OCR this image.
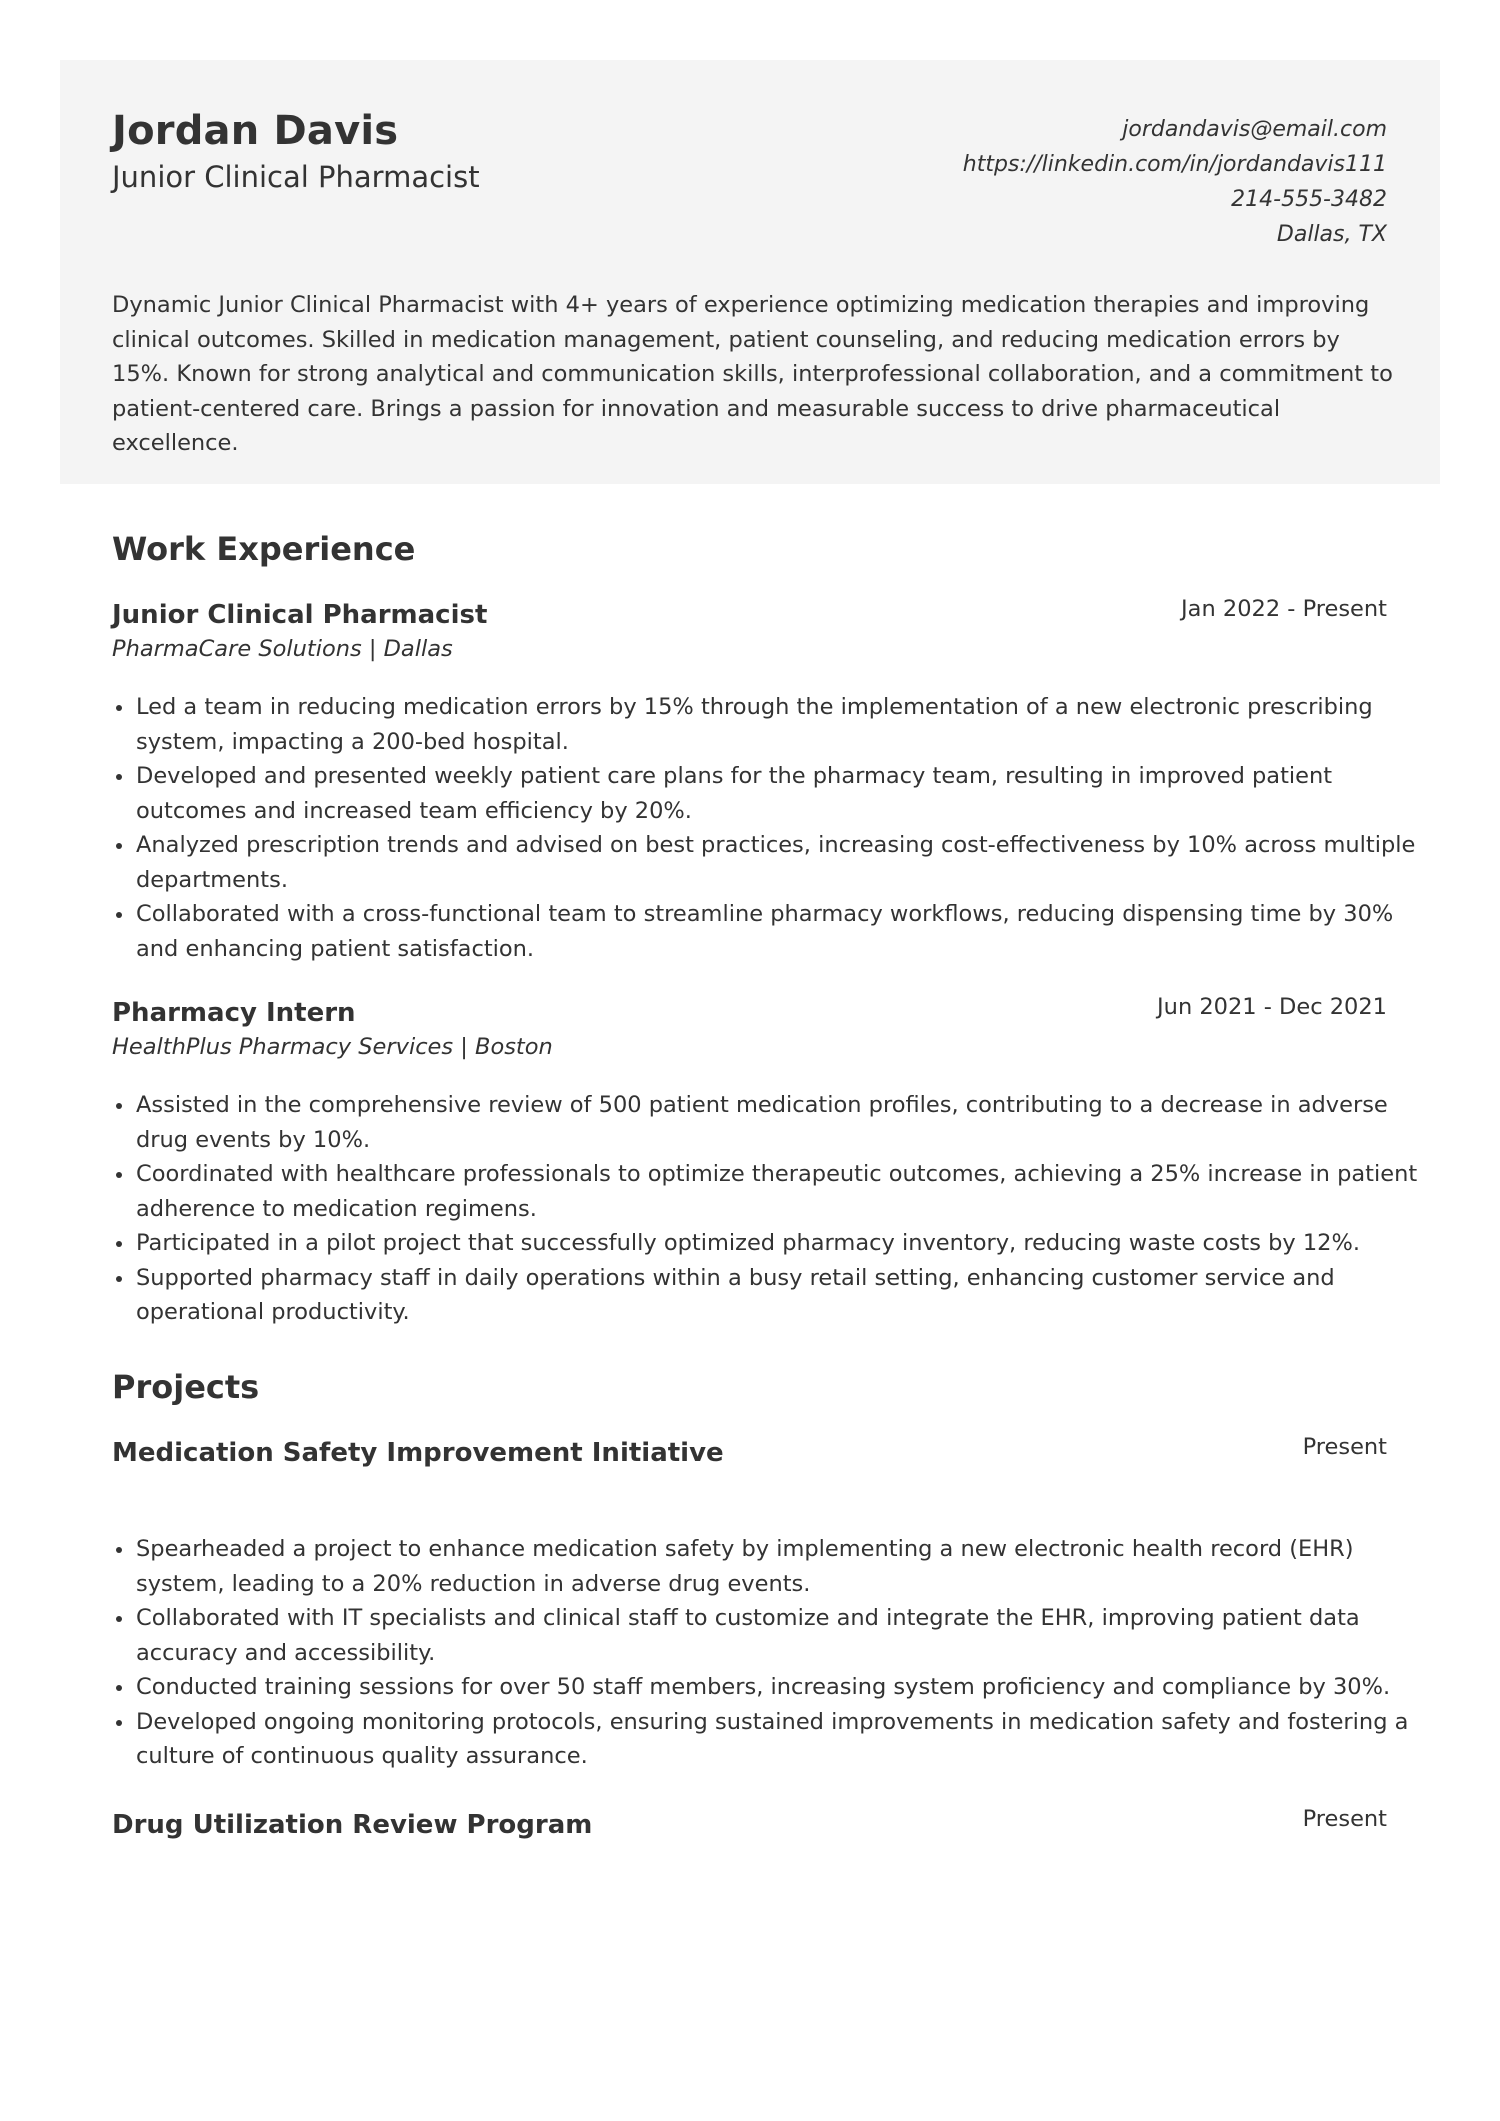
Jordan Davis
Junior Clinical Pharmacist
jordandavis@email.com
https://linkedin.com/in/jordandavis111
214-555-3482
Dallas, TX
Dynamic Junior Clinical Pharmacist with 4+ years of experience optimizing medication therapies and improving clinical outcomes. Skilled in medication management, patient counseling, and reducing medication errors by 15%. Known for strong analytical and communication skills, interprofessional collaboration, and a commitment to patient-centered care. Brings a passion for innovation and measurable success to drive pharmaceutical excellence.
Work Experience
Junior Clinical Pharmacist
PharmaCare Solutions | Dallas
Jan 2022 - Present
Led a team in reducing medication errors by 15% through the implementation of a new electronic prescribing system, impacting a 200-bed hospital.
Developed and presented weekly patient care plans for the pharmacy team, resulting in improved patient outcomes and increased team efficiency by 20%.
Analyzed prescription trends and advised on best practices, increasing cost-effectiveness by 10% across multiple departments.
Collaborated with a cross-functional team to streamline pharmacy workflows, reducing dispensing time by 30% and enhancing patient satisfaction.
Pharmacy Intern
HealthPlus Pharmacy Services | Boston
Jun 2021 - Dec 2021
Assisted in the comprehensive review of 500 patient medication profiles, contributing to a decrease in adverse drug events by 10%.
Coordinated with healthcare professionals to optimize therapeutic outcomes, achieving a 25% increase in patient adherence to medication regimens.
Participated in a pilot project that successfully optimized pharmacy inventory, reducing waste costs by 12%.
Supported pharmacy staff in daily operations within a busy retail setting, enhancing customer service and operational productivity.
Projects
Medication Safety Improvement Initiative	Present
Spearheaded a project to enhance medication safety by implementing a new electronic health record (EHR) system, leading to a 20% reduction in adverse drug events.
Collaborated with IT specialists and clinical staff to customize and integrate the EHR, improving patient data accuracy and accessibility.
Conducted training sessions for over 50 staff members, increasing system proficiency and compliance by 30%.
Developed ongoing monitoring protocols, ensuring sustained improvements in medication safety and fostering a culture of continuous quality assurance.
Drug Utilization Review Program	Present
